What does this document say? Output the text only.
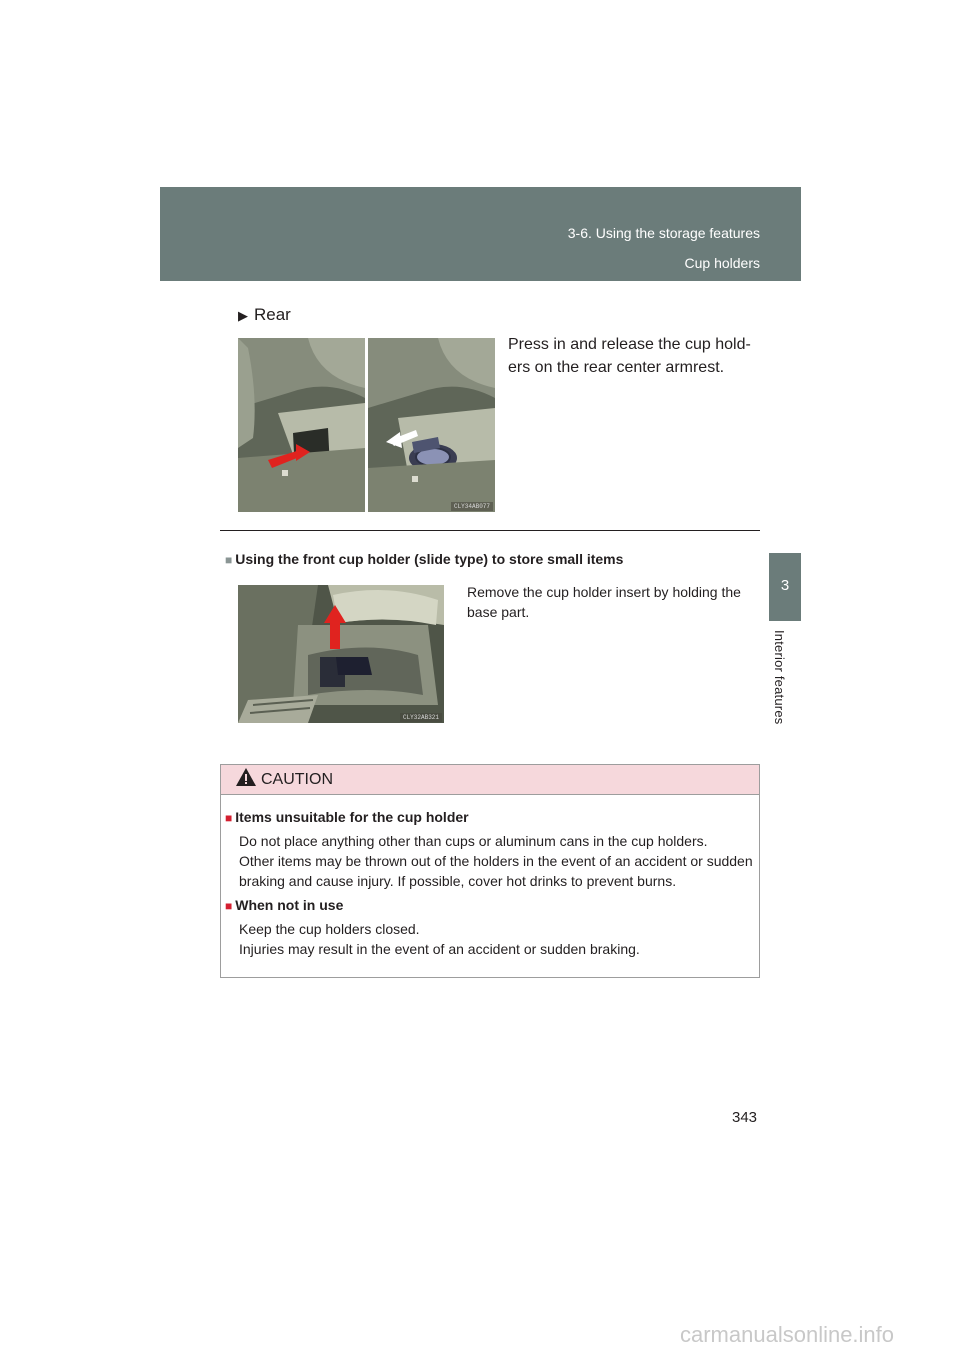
3-6. Using the storage features
Cup holders
3
Interior features
▶ Rear
CLY34AB077
Press in and release the cup hold- ers on the rear center armrest.
■ Using the front cup holder (slide type) to store small items
CLY32AB321
Remove the cup holder insert by holding the base part.
CAUTION
■ Items unsuitable for the cup holder
Do not place anything other than cups or aluminum cans in the cup holders.
Other items may be thrown out of the holders in the event of an accident or sudden
braking and cause injury. If possible, cover hot drinks to prevent burns.
■ When not in use
Keep the cup holders closed.
Injuries may result in the event of an accident or sudden braking.
343
carmanualsonline.info
